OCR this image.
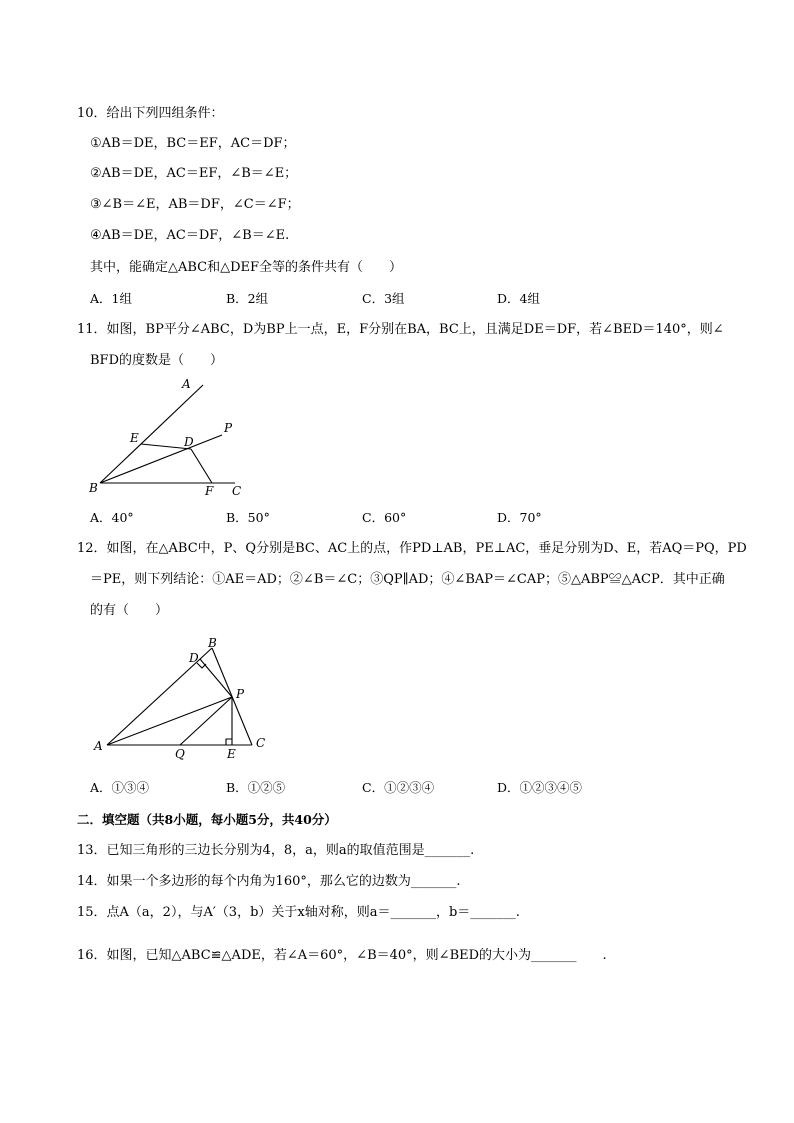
10．给出下列四组条件：
①AB＝DE，BC＝EF，AC＝DF；
②AB＝DE，AC＝EF，∠B＝∠E；
③∠B＝∠E，AB＝DF，∠C＝∠F；
④AB＝DE，AC＝DF，∠B＝∠E.
其中，能确定△ABC和△DEF全等的条件共有（　　）
A．1组	B．2组	C．3组	D．4组
11．如图，BP平分∠ABC，D为BP上一点，E，F分别在BA，BC上，且满足DE＝DF，若∠BED＝140°，则∠
BFD的度数是（　　）
A
E	D
P
B	F C
A．40°	B．50°	C．60°	D．70°
12．如图，在△ABC中，P、Q分别是BC、AC上的点，作PD⊥AB，PE⊥AC，垂足分别为D、E，若AQ＝PQ，PD
＝PE，则下列结论：①AE＝AD；②∠B＝∠C；③QP∥AD；④∠BAP＝∠CAP；⑤△ABP≌△ACP．其中正确
的有（　　）
B
D
P
A
Q	E
C
A．①③④	B．①②⑤	C．①②③④	D．①②③④⑤
二．填空题（共8小题，每小题5分，共40分）
13．已知三角形的三边长分别为4，8，a，则a的取值范围是_______.
14．如果一个多边形的每个内角为160°，那么它的边数为_______.
15．点A（a，2），与A′（3，b）关于x轴对称，则a＝_______，b＝_______.
16．如图，已知△ABC≌△ADE，若∠A＝60°，∠B＝40°，则∠BED的大小为_______　　.
